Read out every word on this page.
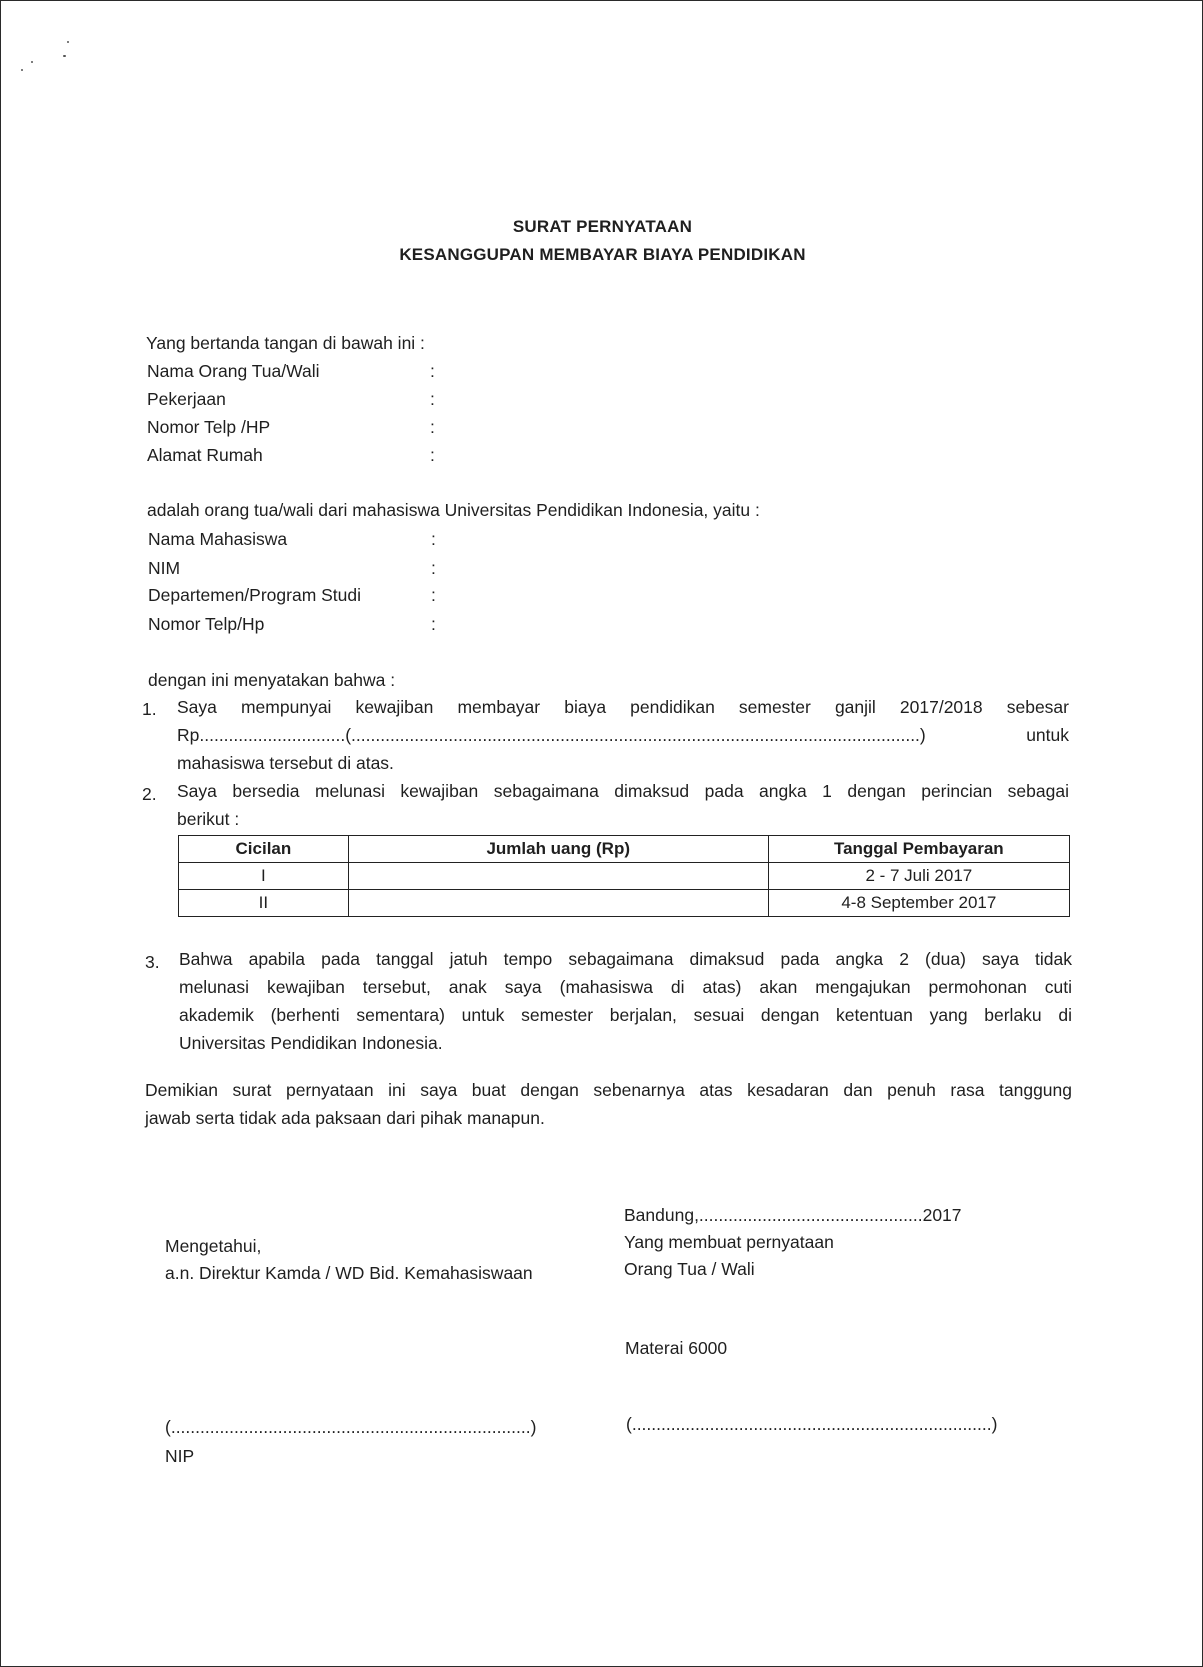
SURAT PERNYATAAN
KESANGGUPAN MEMBAYAR BIAYA PENDIDIKAN
Yang bertanda tangan di bawah ini :
Nama Orang Tua/Wali	:
Pekerjaan	:
Nomor Telp /HP	:
Alamat Rumah	:
adalah orang tua/wali dari mahasiswa Universitas Pendidikan Indonesia, yaitu :
Nama Mahasiswa	:
NIM	:
Departemen/Program Studi	:
Nomor Telp/Hp	:
dengan ini menyatakan bahwa :
1. Saya mempunyai kewajiban membayar biaya pendidikan semester ganjil 2017/2018 sebesar
Rp..............................(.....................................................................................................................) untuk
mahasiswa tersebut di atas.
2. Saya bersedia melunasi kewajiban sebagaimana dimaksud pada angka 1 dengan perincian sebagai
berikut :
Cicilan	Jumlah uang (Rp)	Tanggal Pembayaran
I		2 - 7 Juli 2017
II		4-8 September 2017
3. Bahwa apabila pada tanggal jatuh tempo sebagaimana dimaksud pada angka 2 (dua) saya tidak
melunasi kewajiban tersebut, anak saya (mahasiswa di atas) akan mengajukan permohonan cuti
akademik (berhenti sementara) untuk semester berjalan, sesuai dengan ketentuan yang berlaku di
Universitas Pendidikan Indonesia.
Demikian surat pernyataan ini saya buat dengan sebenarnya atas kesadaran dan penuh rasa tanggung
jawab serta tidak ada paksaan dari pihak manapun.
Bandung,..............................................2017
Yang membuat pernyataan
Orang Tua / Wali
Materai 6000
(..........................................................................)
Mengetahui,
a.n. Direktur Kamda / WD Bid. Kemahasiswaan
(..........................................................................)
NIP
